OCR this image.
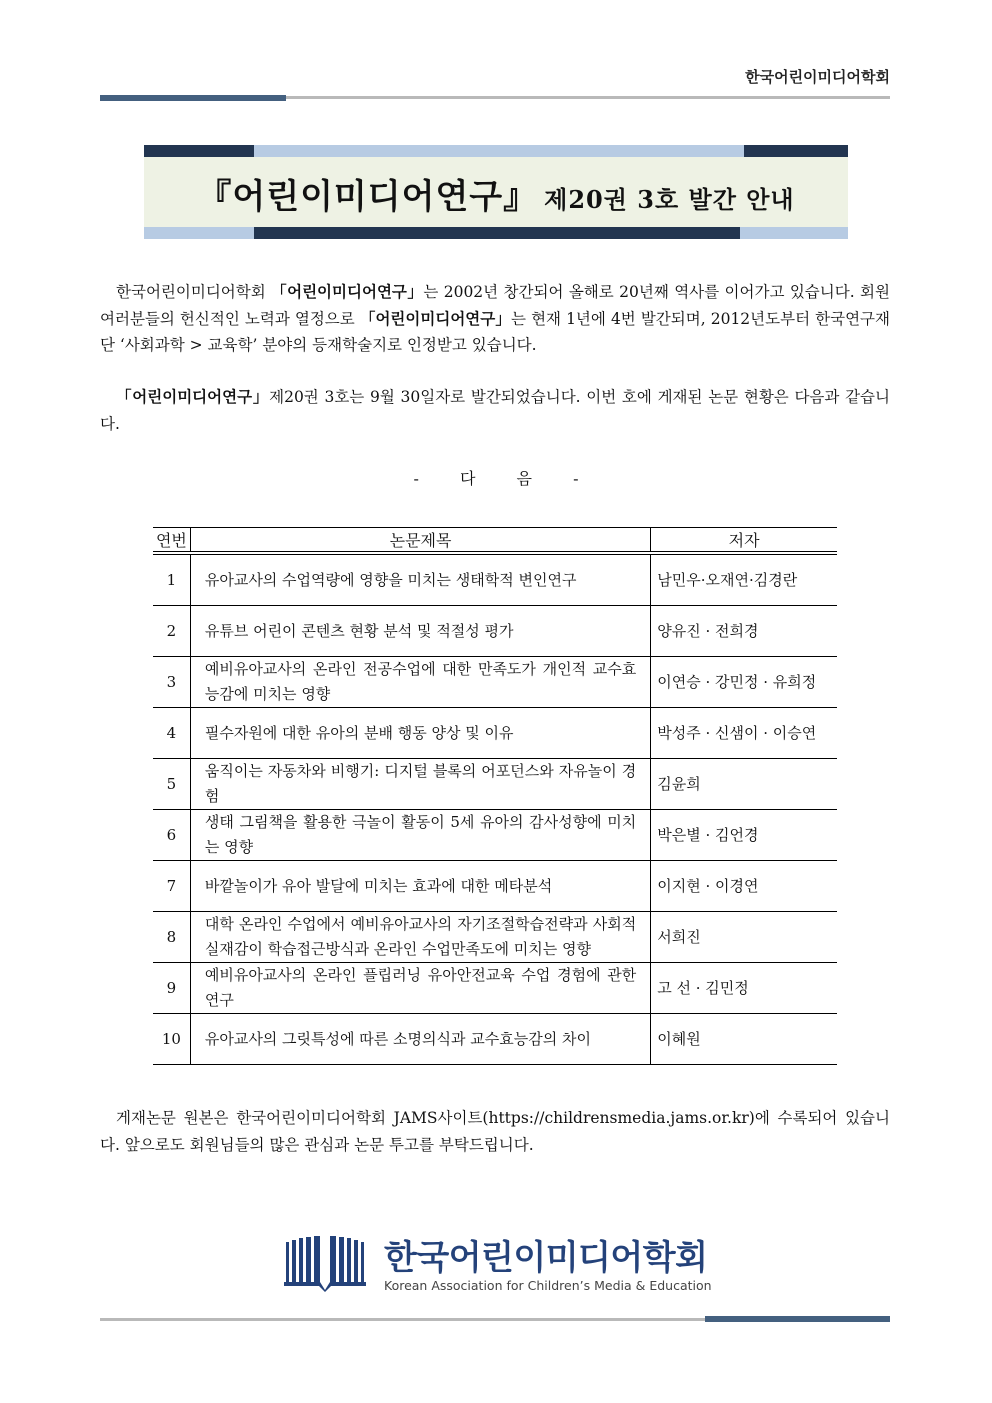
한국어린이미디어학회
『어린이미디어연구』 제20권 3호 발간 안내

한국어린이미디어학회 「어린이미디어연구」는 2002년 창간되어 올해로 20년째 역사를 이어가고 있습니다. 회원 여러분들의 헌신적인 노력과 열정으로 「어린이미디어연구」는 현재 1년에 4번 발간되며, 2012년도부터 한국연구재단 ‘사회과학 > 교육학’ 분야의 등재학술지로 인정받고 있습니다.

「어린이미디어연구」제20권 3호는 9월 30일자로 발간되었습니다. 이번 호에 게재된 논문 현황은 다음과 같습니다.

- 다 음 -
연번	논문제목	저자
1	유아교사의 수업역량에 영향을 미치는 생태학적 변인연구	남민우·오재연·김경란
2	유튜브 어린이 콘텐츠 현황 분석 및 적절성 평가	양유진 · 전희경
3	예비유아교사의 온라인 전공수업에 대한 만족도가 개인적 교수효능감에 미치는 영향	이연승 · 강민정 · 유희정
4	필수자원에 대한 유아의 분배 행동 양상 및 이유	박성주 · 신샘이 · 이승연
5	움직이는 자동차와 비행기: 디지털 블록의 어포던스와 자유놀이 경험	김윤희
6	생태 그림책을 활용한 극놀이 활동이 5세 유아의 감사성향에 미치는 영향	박은별 · 김언경
7	바깥놀이가 유아 발달에 미치는 효과에 대한 메타분석	이지현 · 이경연
8	대학 온라인 수업에서 예비유아교사의 자기조절학습전략과 사회적 실재감이 학습접근방식과 온라인 수업만족도에 미치는 영향	서희진
9	예비유아교사의 온라인 플립러닝 유아안전교육 수업 경험에 관한 연구	고 선 · 김민정
10	유아교사의 그릿특성에 따른 소명의식과 교수효능감의 차이	이혜원

게재논문 원본은 한국어린이미디어학회 JAMS사이트(https://childrensmedia.jams.or.kr)에 수록되어 있습니다. 앞으로도 회원님들의 많은 관심과 논문 투고를 부탁드립니다.

한국어린이미디어학회
Korean Association for Children’s Media & Education
